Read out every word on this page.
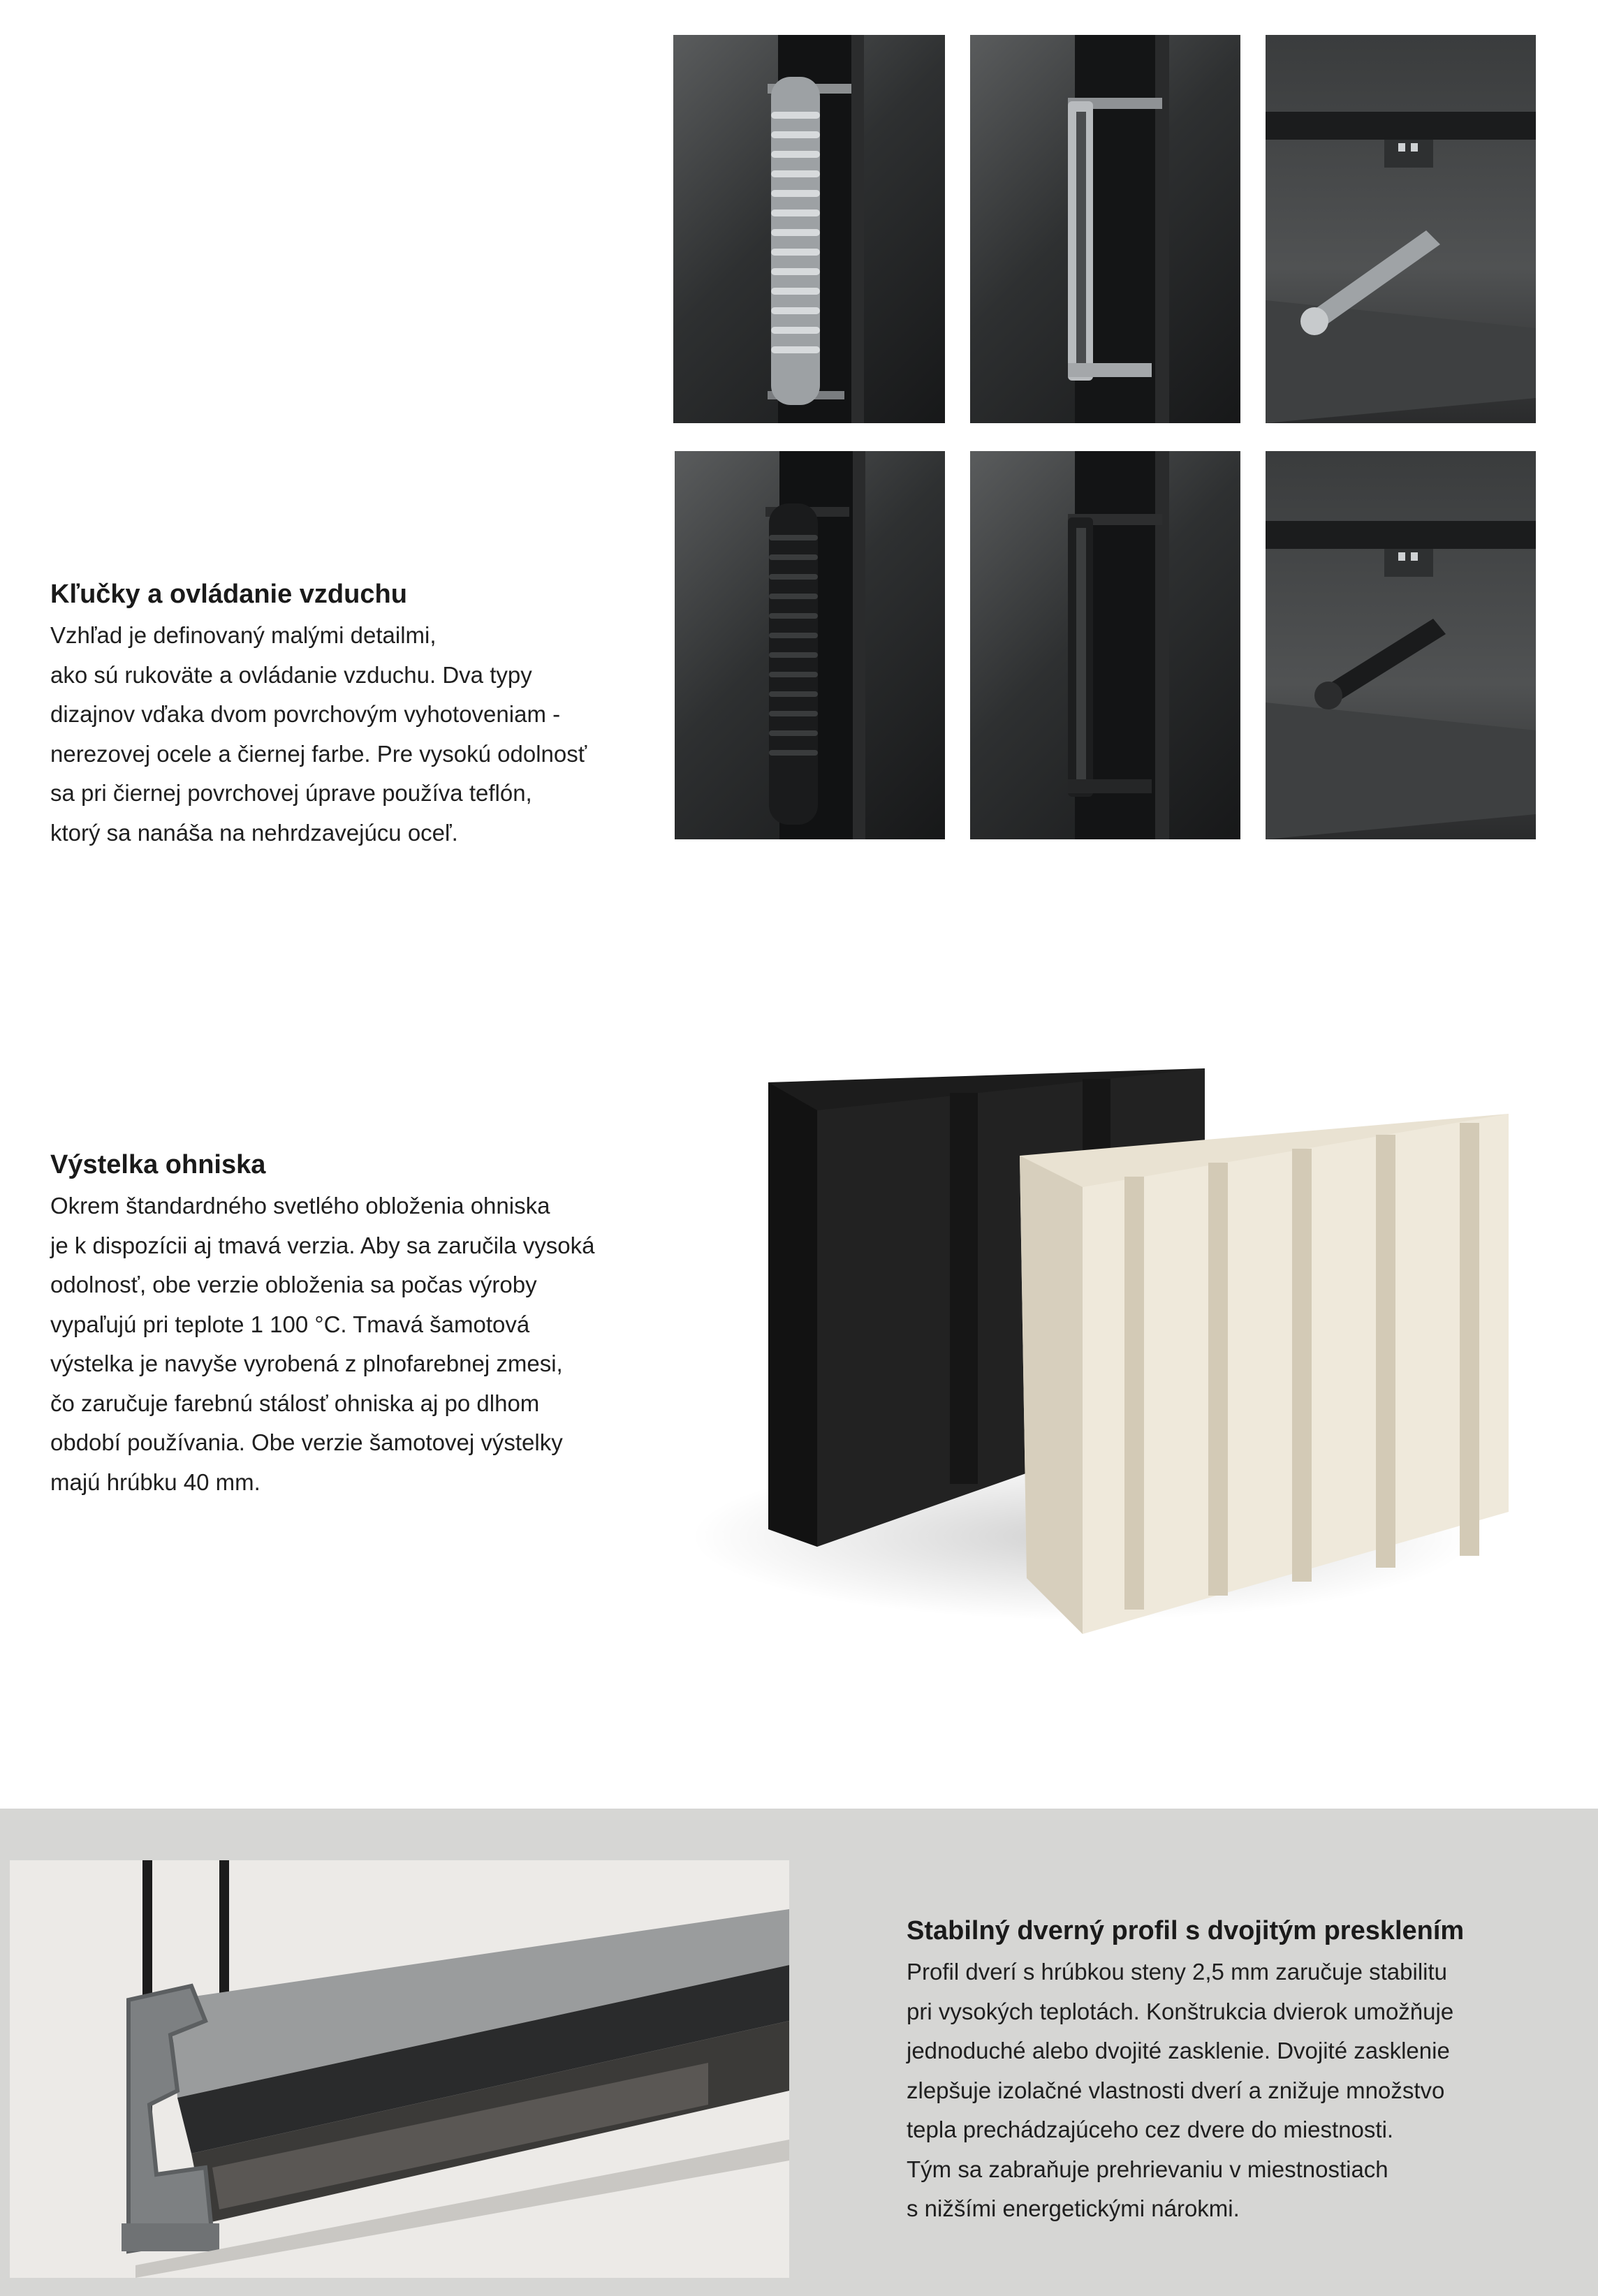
Kľučky a ovládanie vzduchu

Vzhľad je definovaný malými detailmi,

ako sú rukoväte a ovládanie vzduchu. Dva typy

dizajnov vďaka dvom povrchovým vyhotoveniam -

nerezovej ocele a čiernej farbe. Pre vysokú odolnosť

sa pri čiernej povrchovej úprave používa teflón,

ktorý sa nanáša na nehrdzavejúcu oceľ.

Výstelka ohniska

Okrem štandardného svetlého obloženia ohniska

je k dispozícii aj tmavá verzia. Aby sa zaručila vysoká

odolnosť, obe verzie obloženia sa počas výroby

vypaľujú pri teplote 1 100 °C. Tmavá šamotová

výstelka je navyše vyrobená z plnofarebnej zmesi,

čo zaručuje farebnú stálosť ohniska aj po dlhom

období používania. Obe verzie šamotovej výstelky

majú hrúbku 40 mm.

Stabilný dverný profil s dvojitým presklením

Profil dverí s hrúbkou steny 2,5 mm zaručuje stabilitu

pri vysokých teplotách. Konštrukcia dvierok umožňuje

jednoduché alebo dvojité zasklenie. Dvojité zasklenie

zlepšuje izolačné vlastnosti dverí a znižuje množstvo

tepla prechádzajúceho cez dvere do miestnosti.

Tým sa zabraňuje prehrievaniu v miestnostiach

s nižšími energetickými nárokmi.
